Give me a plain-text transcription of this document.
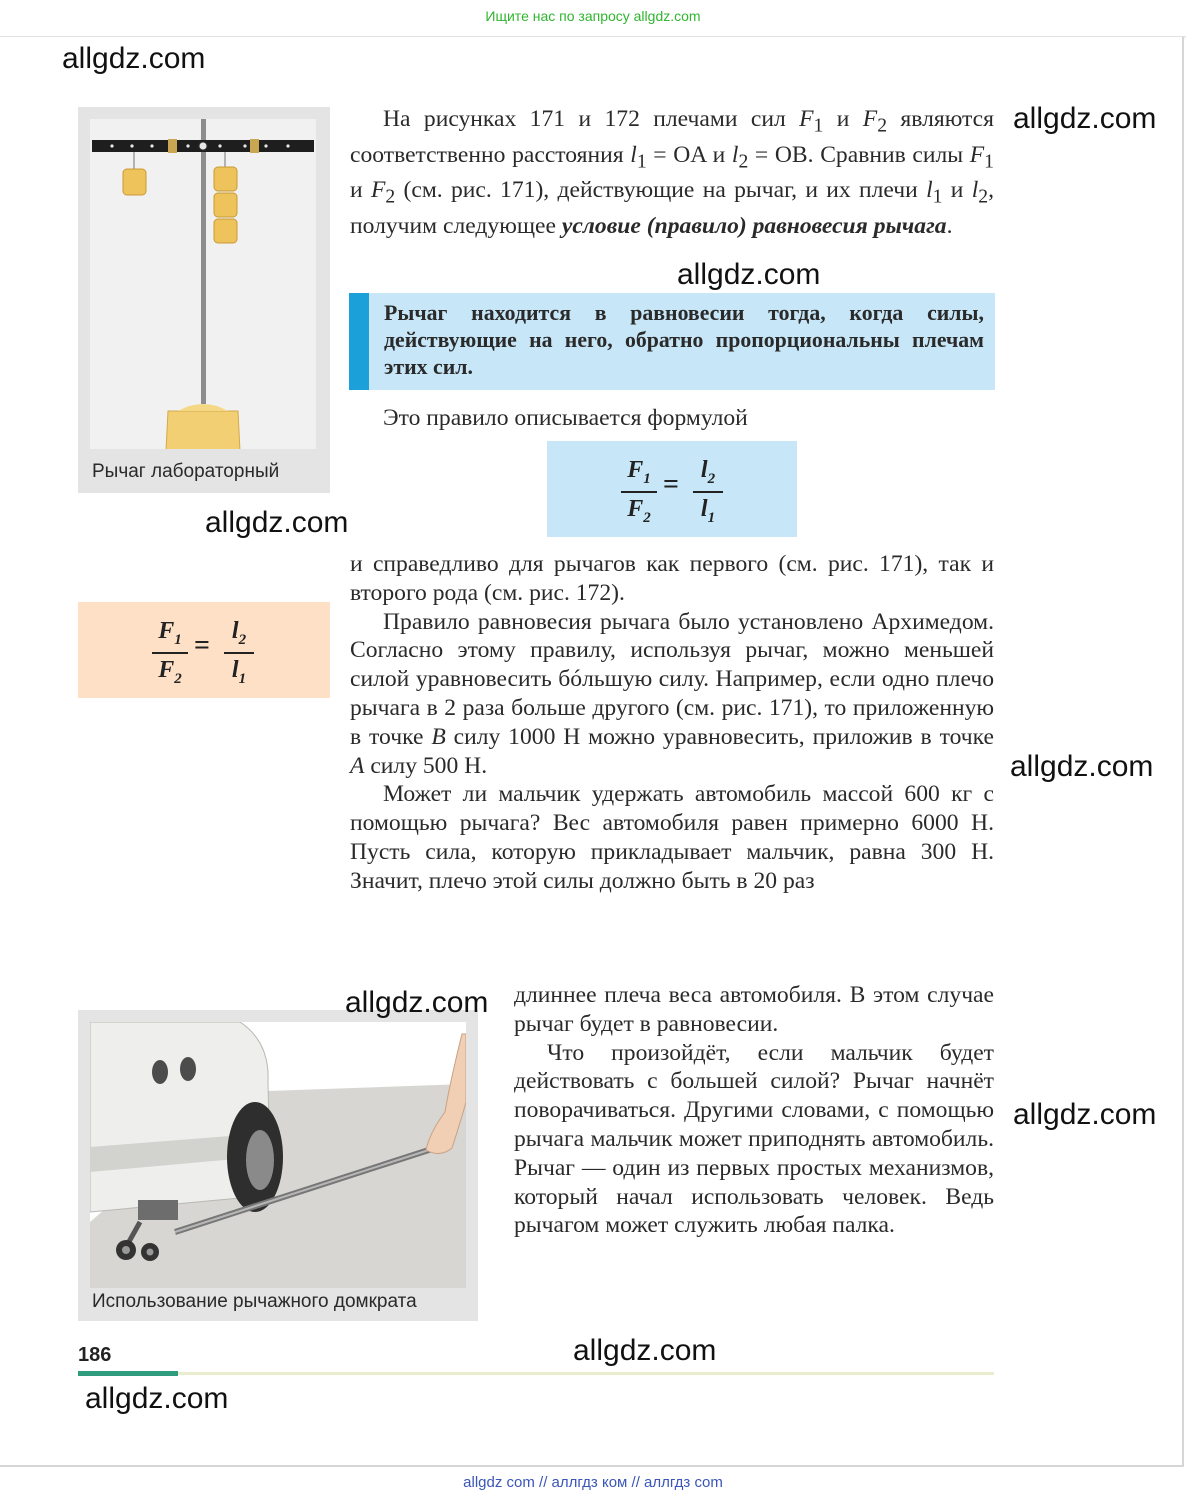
Ищите нас по запросу allgdz.com
allgdz.com
allgdz.com
allgdz.com
allgdz.com
allgdz.com
allgdz.com
allgdz.com
allgdz.com
allgdz.com
Рычаг лабораторный

На рисунках 171 и 172 плечами сил $F_1$ и $F_2$ являются соответственно расстояния $l_1$ = OA и $l_2$ = OB. Сравнив силы $F_1$ и $F_2$ (см. рис. 171), действующие на рычаг, и их плечи $l_1$ и $l_2$, получим следующее условие (правило) равновесия рычага.

Рычаг находится в равновесии тогда, когда силы, действующие на него, обратно пропорциональны плечам этих сил.

Это правило описывается формулой

$F_1$
$F_2$
= $l_2$
$l_1$
$F_1$
$F_2$
= $l_2$
$l_1$

и справедливо для рычагов как первого (см. рис. 171), так и второго рода (см. рис. 172).

Правило равновесия рычага было установлено Архимедом. Согласно этому правилу, используя рычаг, можно меньшей силой уравновесить бóльшую силу. Например, если одно плечо рычага в 2 раза больше другого (см. рис. 171), то приложенную в точке B силу 1000 Н можно уравновесить, приложив в точке A силу 500 Н.

Может ли мальчик удержать автомобиль массой 600 кг с помощью рычага? Вес автомобиля равен примерно 6000 Н. Пусть сила, которую прикладывает мальчик, равна 300 Н. Значит, плечо этой силы должно быть в 20 раз

длиннее плеча веса автомобиля. В этом случае рычаг будет в равновесии.

Что произойдёт, если мальчик будет действовать с большей силой? Рычаг начнёт поворачиваться. Другими словами, с помощью рычага мальчик может приподнять автомобиль. Рычаг — один из первых простых механизмов, который начал использовать человек. Ведь рычагом может служить любая палка.

Использование рычажного домкрата
186
allgdz com // аллгдз ком // аллгдз com
